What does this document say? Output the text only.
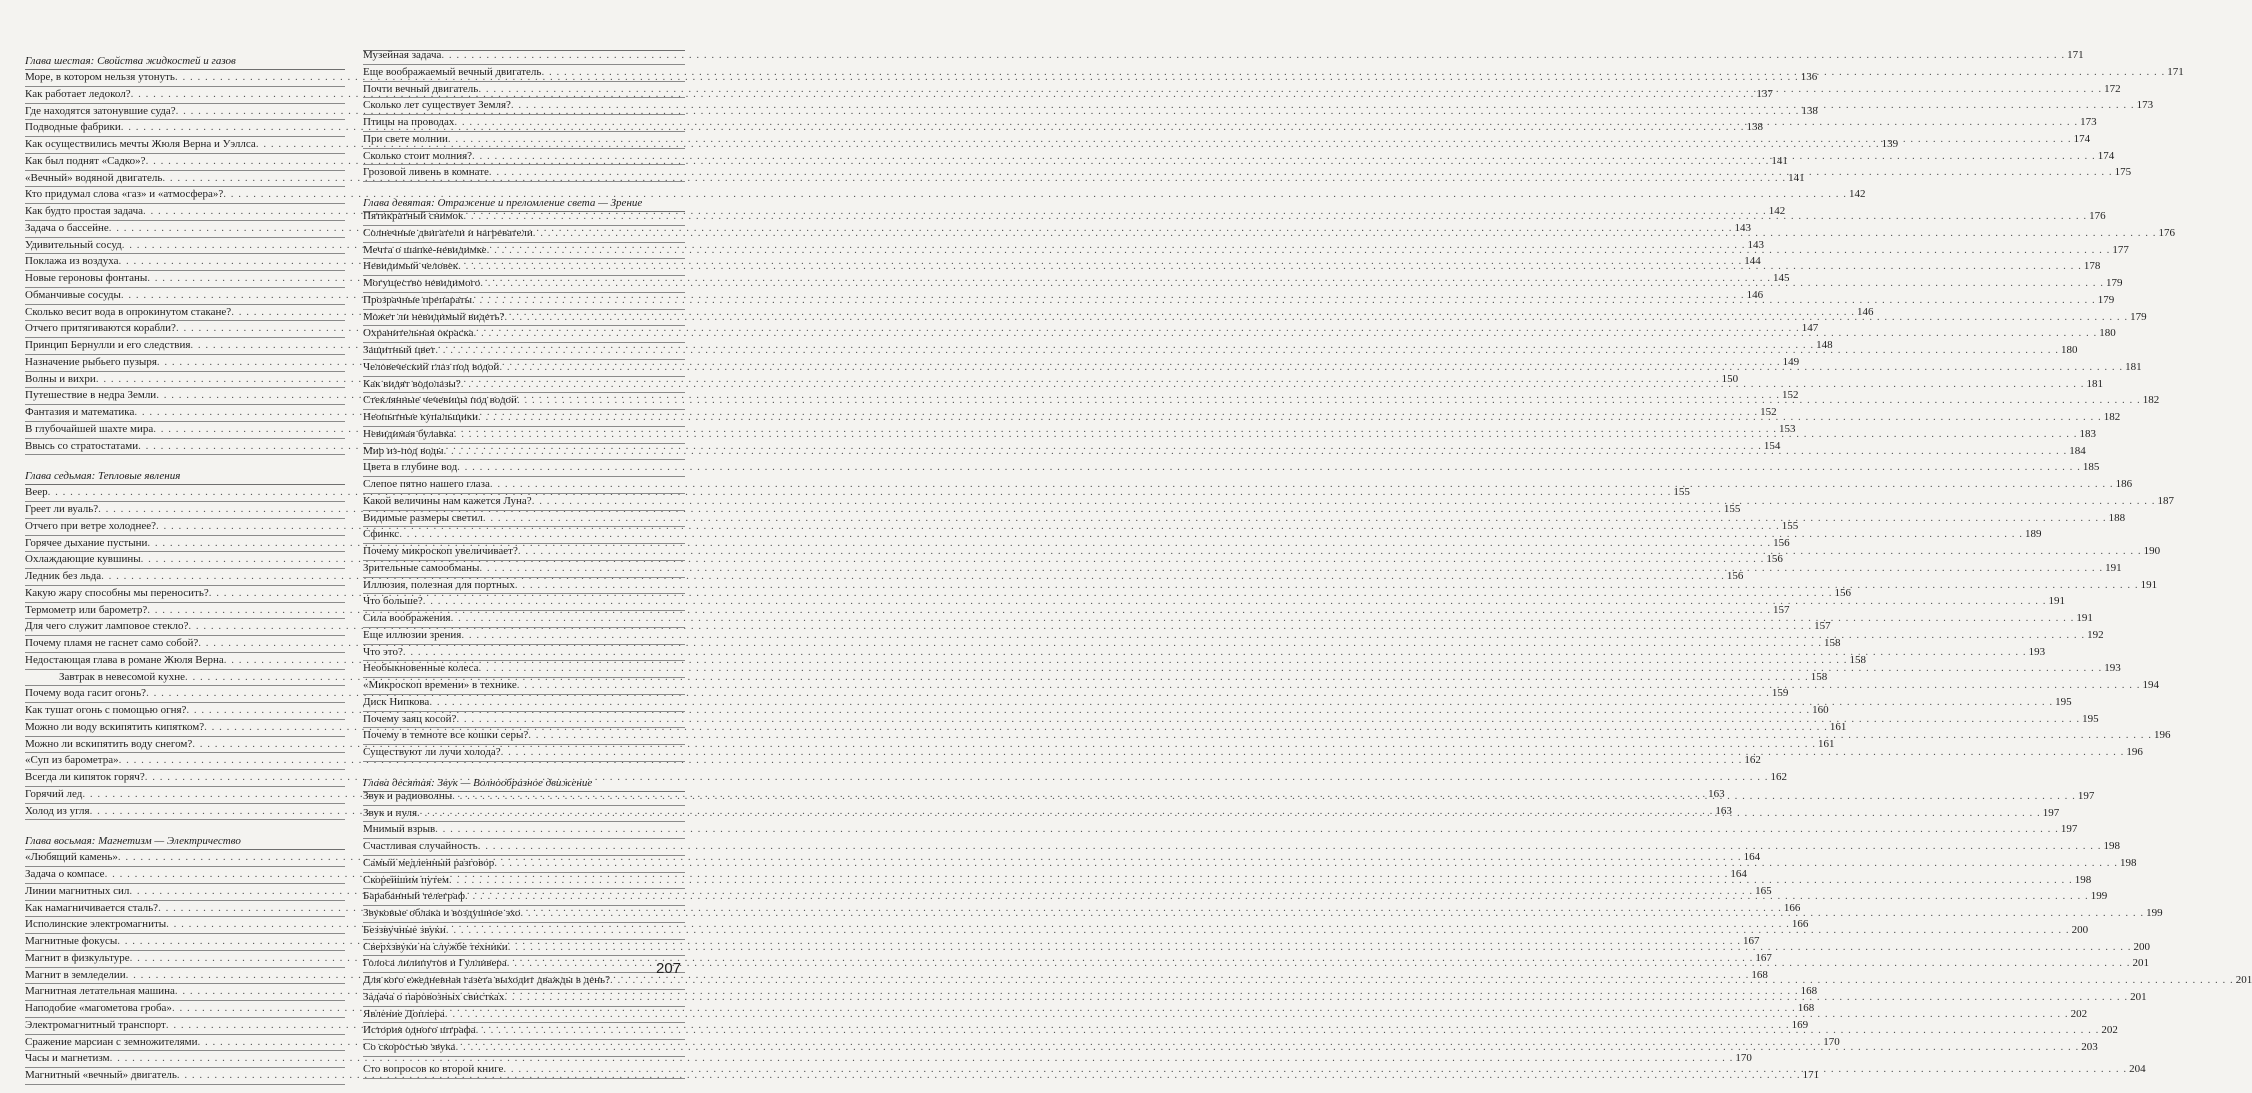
Глава шестая: Свойства жидкостей и газов
Море, в котором нельзя утонуть . . .	136
Как работает ледокол? . . .	137
Где находятся затонувшие суда? . . .	138
Подводные фабрики . . .	138
Как осуществились мечты Жюля Верна и Уэллса . . .	139
Как был поднят «Садко»? . . .	141
«Вечный» водяной двигатель . . .	141
Кто придумал слова «газ» и «атмосфера»? . . .	142
Как будто простая задача . . .	142
Задача о бассейне . . .	143
Удивительный сосуд . . .	143
Поклажа из воздуха . . .	144
Новые героновы фонтаны . . .	145
Обманчивые сосуды . . .	146
Сколько весит вода в опрокинутом стакане? . . .	146
Отчего притягиваются корабли? . . .	147
Принцип Бернулли и его следствия . . .	148
Назначение рыбьего пузыря . . .	149
Волны и вихри . . .	150
Путешествие в недра Земли . . .	152
Фантазия и математика . . .	152
В глубочайшей шахте мира . . .	153
Ввысь со стратостатами . . .	154
Глава седьмая: Тепловые явления
Веер . . .	155
Греет ли вуаль? . . .	155
Отчего при ветре холоднее? . . .	155
Горячее дыхание пустыни . . .	156
Охлаждающие кувшины . . .	156
Ледник без льда . . .	156
Какую жару способны мы переносить? . . .	156
Термометр или барометр? . . .	157
Для чего служит ламповое стекло? . . .	157
Почему пламя не гаснет само собой? . . .	158
Недостающая глава в романе Жюля Верна . . .	158
Завтрак в невесомой кухне . . .	158
Почему вода гасит огонь? . . .	159
Как тушат огонь с помощью огня? . . .	160
Можно ли воду вскипятить кипятком? . . .	161
Можно ли вскипятить воду снегом? . . .	161
«Суп из барометра» . . .	162
Всегда ли кипяток горяч? . . .	162
Горячий лед . . .	163
Холод из угля . . .	163
Глава восьмая: Магнетизм — Электричество
«Любящий камень» . . .	164
Задача о компасе . . .	164
Линии магнитных сил . . .	165
Как намагничивается сталь? . . .	166
Исполинские электромагниты . . .	166
Магнитные фокусы . . .	167
Магнит в физкультуре . . .	167
Магнит в земледелии . . .	168
Магнитная летательная машина . . .	168
Наподобие «магометова гроба» . . .	168
Электромагнитный транспорт . . .	169
Сражение марсиан с земножителями . . .	170
Часы и магнетизм . . .	170
Магнитный «вечный» двигатель . . .	171
Музейная задача . . .	171
Еще воображаемый вечный двигатель . . .	171
Почти вечный двигатель . . .	172
Сколько лет существует Земля? . . .	173
Птицы на проводах . . .	173
При свете молнии . . .	174
Сколько стоит молния? . . .	174
Грозовой ливень в комнате . . .	175
Глава девятая: Отражение и преломление света — Зрение
Пятикратный снимок . . .	176
Солнечные двигатели и нагреватели . . .	176
Мечта о шапке-невидимке . . .	177
Невидимый человек . . .	178
Могущество невидимого . . .	179
Прозрачные препараты . . .	179
Может ли невидимый видеть? . . .	179
Охранительная окраска . . .	180
Защитный цвет . . .	180
Человеческий глаз под водой . . .	181
Как видят водолазы? . . .	181
Стеклянные чечевицы под водой . . .	182
Неопытные купальщики . . .	182
Невидимая булавка . . .	183
Мир из-под воды . . .	184
Цвета в глубине вод . . .	185
Слепое пятно нашего глаза . . .	186
Какой величины нам кажется Луна? . . .	187
Видимые размеры светил . . .	188
Сфинкс . . .	189
Почему микроскоп увеличивает? . . .	190
Зрительные самообманы . . .	191
Иллюзия, полезная для портных . . .	191
Что больше? . . .	191
Сила воображения . . .	191
Еще иллюзии зрения . . .	192
Что это? . . .	193
Необыкновенные колеса . . .	193
«Микроскоп времени» в технике . . .	194
Диск Нипкова . . .	195
Почему заяц косой? . . .	195
Почему в темноте все кошки серы? . . .	196
Существуют ли лучи холода? . . .	196
Глава десятая: Звук — Волнообразное движение
Звук и радиоволны . . .	197
Звук и пуля . . .	197
Мнимый взрыв . . .	197
Счастливая случайность . . .	198
Самый медленный разговор . . .	198
Скорейшим путем . . .	198
Барабанный телеграф . . .	199
Звуковые облака и воздушное эхо . . .	199
Беззвучные звуки . . .	200
Сверхзвуки на службе техники . . .	200
Голоса лилипутов и Гулливера . . .	201
Для кого ежедневная газета выходит дважды в день? . . .	201
Задача о паровозных свистках . . .	201
Явление Доплера . . .	202
История одного штрафа . . .	202
Со скоростью звука . . .	203
Сто вопросов ко второй книге . . .	204
207
